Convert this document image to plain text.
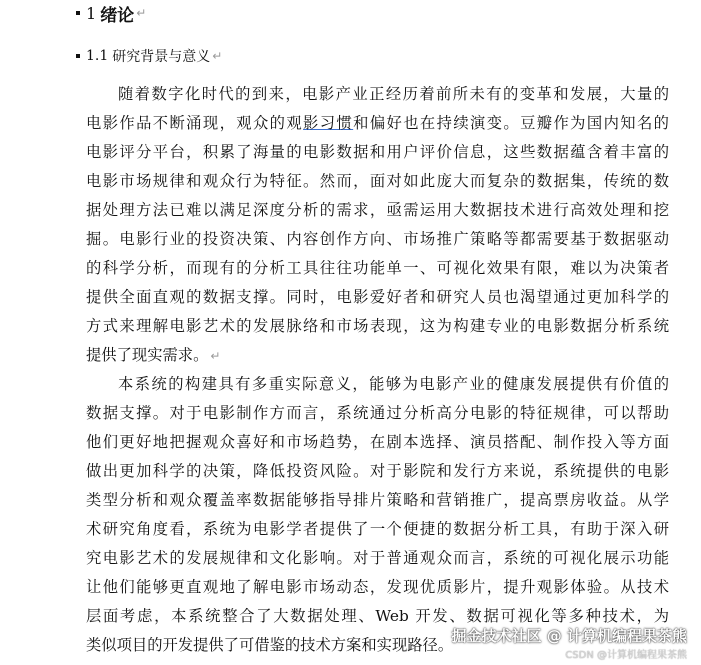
1 绪论 ↵
1.1 研究背景与意义 ↵
随着数字化时代的到来，电影产业正经历着前所未有的变革和发展，大量的
电影作品不断涌现，观众的观影习惯和偏好也在持续演变。豆瓣作为国内知名的
电影评分平台，积累了海量的电影数据和用户评价信息，这些数据蕴含着丰富的
电影市场规律和观众行为特征。然而，面对如此庞大而复杂的数据集，传统的数
据处理方法已难以满足深度分析的需求，亟需运用大数据技术进行高效处理和挖
掘。电影行业的投资决策、内容创作方向、市场推广策略等都需要基于数据驱动
的科学分析，而现有的分析工具往往功能单一、可视化效果有限，难以为决策者
提供全面直观的数据支撑。同时，电影爱好者和研究人员也渴望通过更加科学的
方式来理解电影艺术的发展脉络和市场表现，这为构建专业的电影数据分析系统
提供了现实需求。 ↵
本系统的构建具有多重实际意义，能够为电影产业的健康发展提供有价值的
数据支撑。对于电影制作方而言，系统通过分析高分电影的特征规律，可以帮助
他们更好地把握观众喜好和市场趋势，在剧本选择、演员搭配、制作投入等方面
做出更加科学的决策，降低投资风险。对于影院和发行方来说，系统提供的电影
类型分析和观众覆盖率数据能够指导排片策略和营销推广，提高票房收益。从学
术研究角度看，系统为电影学者提供了一个便捷的数据分析工具，有助于深入研
究电影艺术的发展规律和文化影响。对于普通观众而言，系统的可视化展示功能
让他们能够更直观地了解电影市场动态，发现优质影片，提升观影体验。从技术
层面考虑，本系统整合了大数据处理、Web 开发、数据可视化等多种技术，为
类似项目的开发提供了可借鉴的技术方案和实现路径。
掘金技术社区 @ 计算机编程果茶熊
CSDN @计算机编程果茶熊
